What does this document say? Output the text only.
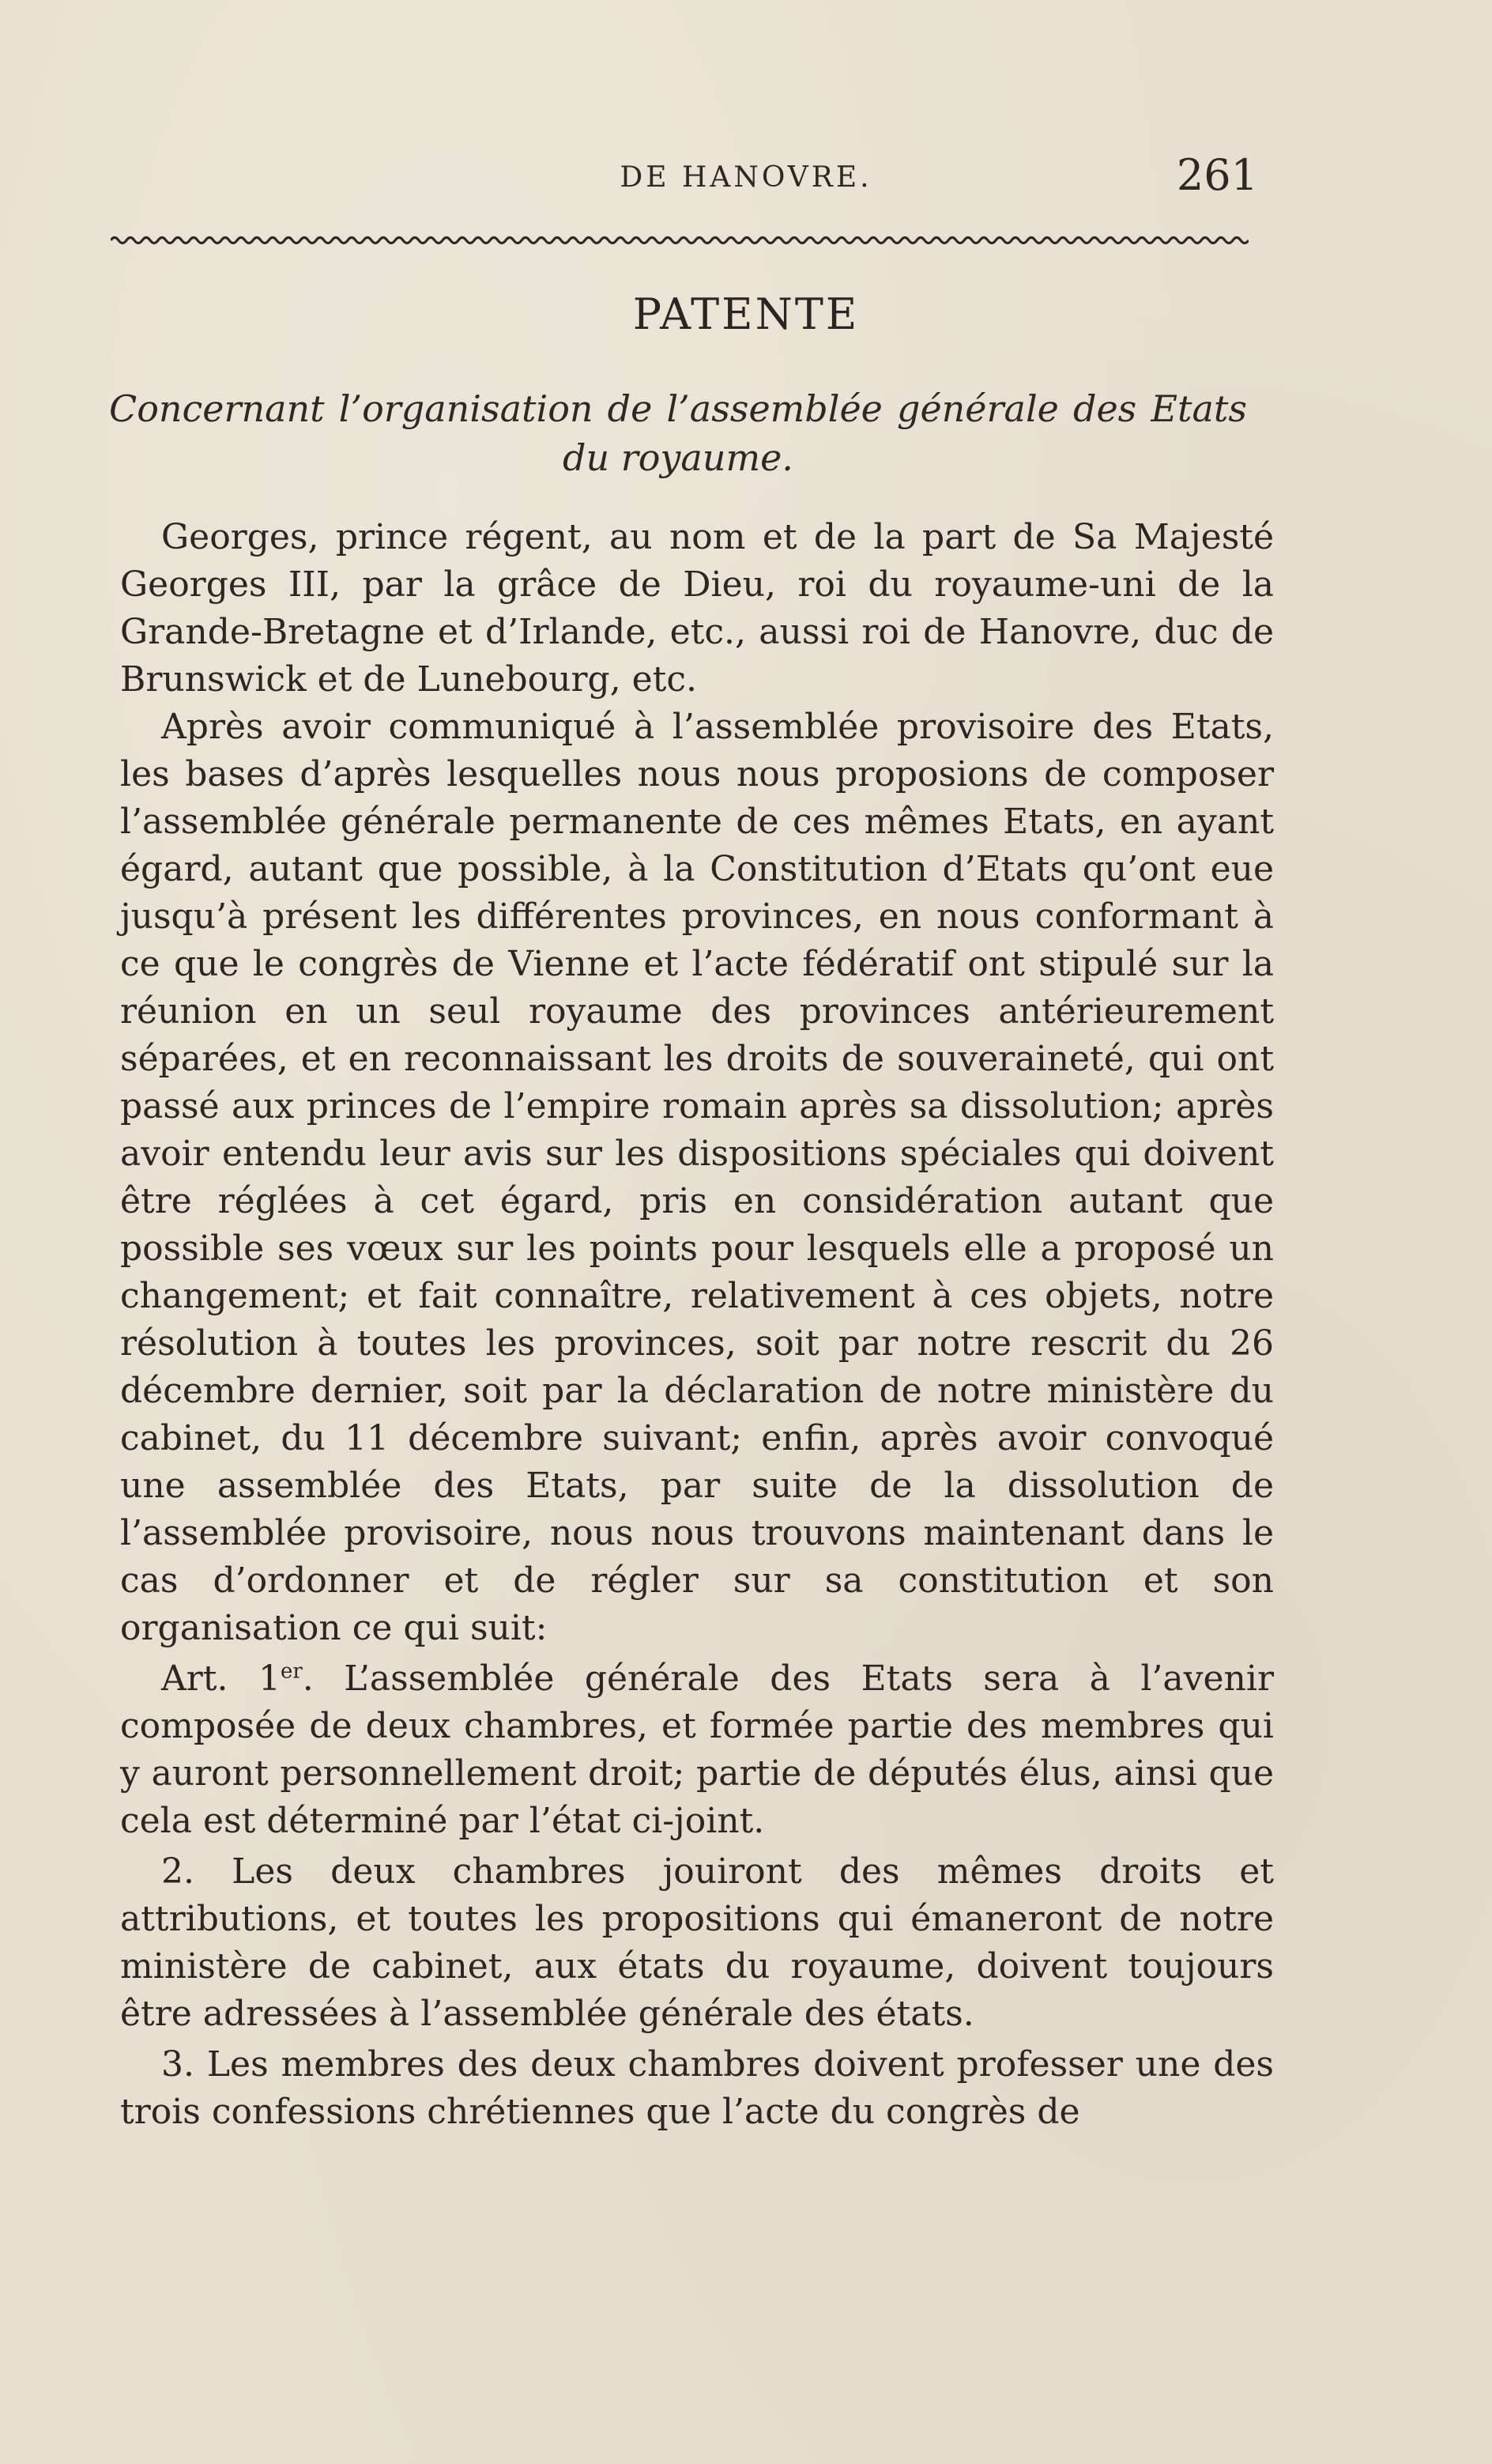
DE HANOVRE.	261
PATENTE
Concernant l’organisation de l’assemblée générale des Etats
du royaume.

Georges, prince régent, au nom et de la part de Sa Majesté Georges III, par la grâce de Dieu, roi du royaume-uni de la Grande-Bretagne et d’Irlande, etc., aussi roi de Hanovre, duc de Brunswick et de Lunebourg, etc.

Après avoir communiqué à l’assemblée provisoire des Etats, les bases d’après lesquelles nous nous proposions de composer l’assemblée générale permanente de ces mêmes Etats, en ayant égard, autant que possible, à la Constitution d’Etats qu’ont eue jusqu’à présent les différentes provinces, en nous conformant à ce que le congrès de Vienne et l’acte fédératif ont stipulé sur la réunion en un seul royaume des provinces antérieurement séparées, et en reconnaissant les droits de souveraineté, qui ont passé aux princes de l’empire romain après sa dissolution; après avoir entendu leur avis sur les dispositions spéciales qui doivent être réglées à cet égard, pris en considération autant que possible ses vœux sur les points pour lesquels elle a proposé un changement; et fait connaître, relativement à ces objets, notre résolution à toutes les provinces, soit par notre rescrit du 26 décembre dernier, soit par la déclaration de notre ministère du cabinet, du 11 décembre suivant; enfin, après avoir convoqué une assemblée des Etats, par suite de la dissolution de l’assemblée provisoire, nous nous trouvons maintenant dans le cas d’ordonner et de régler sur sa constitution et son organisation ce qui suit:

Art. 1er. L’assemblée générale des Etats sera à l’avenir composée de deux chambres, et formée partie des membres qui y auront personnellement droit; partie de députés élus, ainsi que cela est déterminé par l’état ci-joint.

2. Les deux chambres jouiront des mêmes droits et attributions, et toutes les propositions qui émaneront de notre ministère de cabinet, aux états du royaume, doivent toujours être adressées à l’assemblée générale des états.

3. Les membres des deux chambres doivent professer une des trois confessions chrétiennes que l’acte du congrès de
